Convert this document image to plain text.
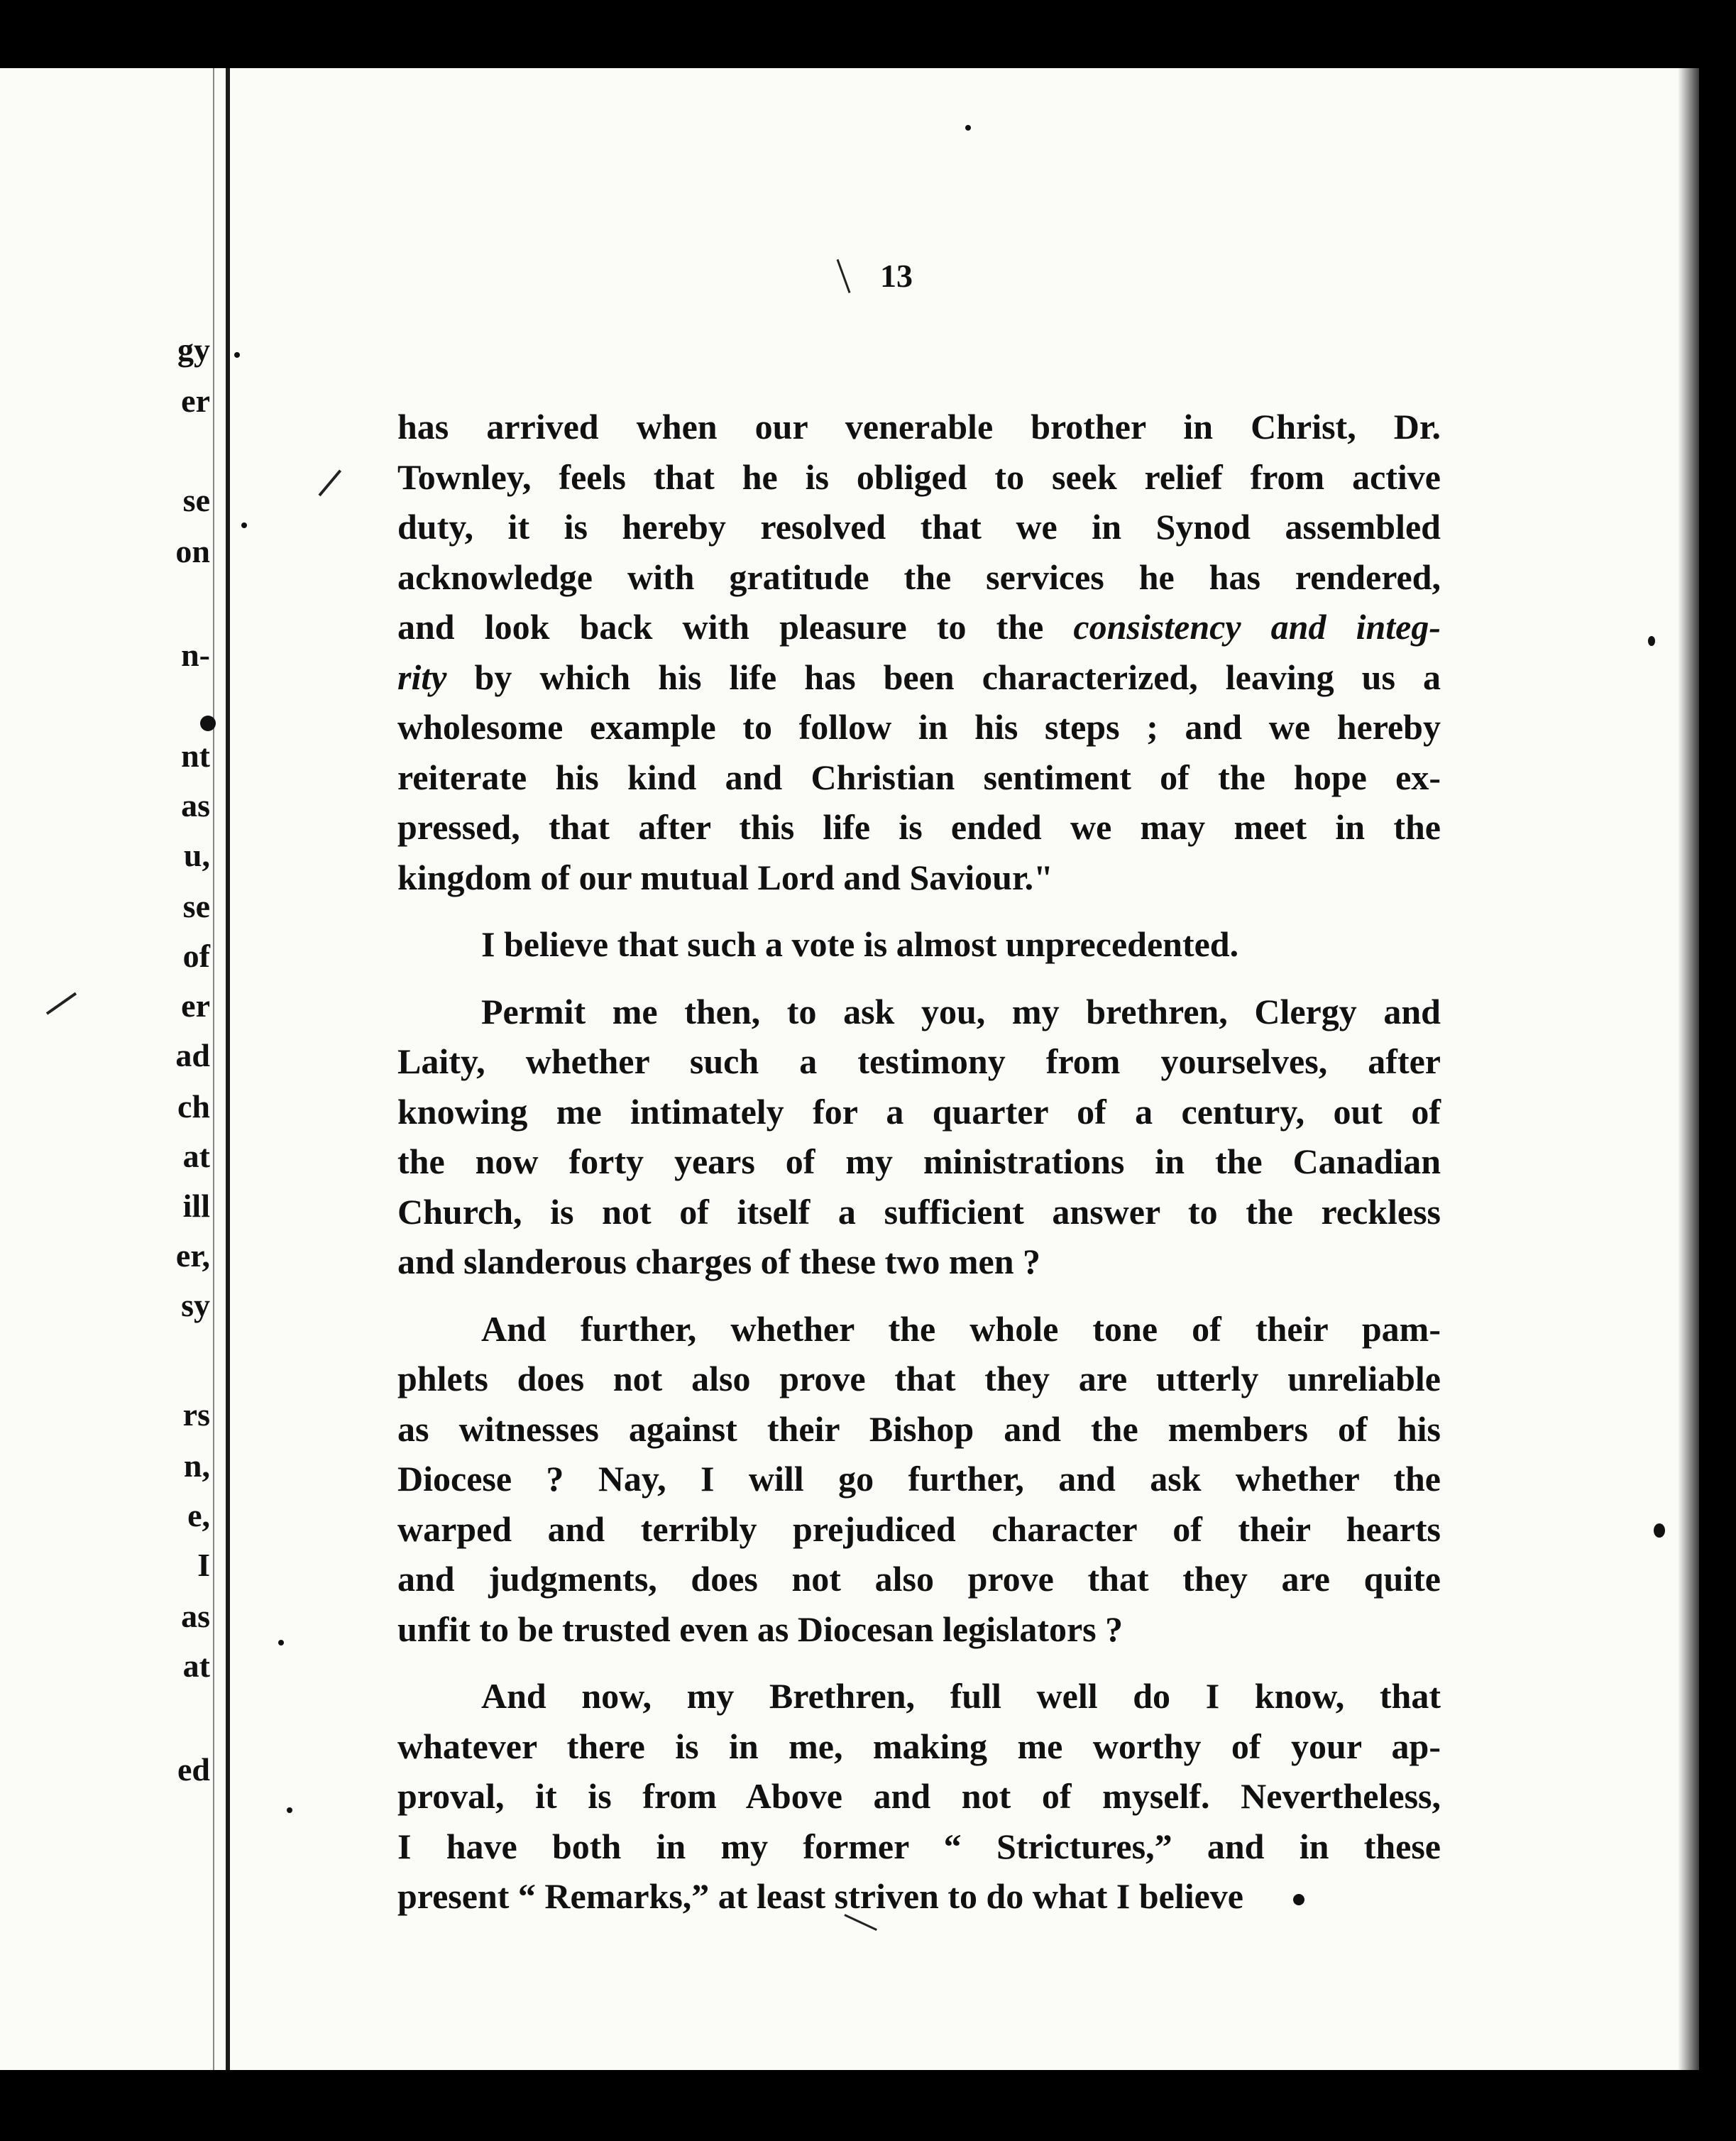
gy
er
se
on
n-
nt
as
u,
se
of
er
ad
ch
at
ill
er,
sy
rs
n,
e,
I
as
at
ed
13
has arrived when our venerable brother in Christ, Dr.
Townley, feels that he is obliged to seek relief from active
duty, it is hereby resolved that we in Synod assembled
acknowledge with gratitude the services he has rendered,
and look back with pleasure to the consistency and integ-
rity by which his life has been characterized, leaving us a
wholesome example to follow in his steps ; and we hereby
reiterate his kind and Christian sentiment of the hope ex-
pressed, that after this life is ended we may meet in the
kingdom of our mutual Lord and Saviour."
I believe that such a vote is almost unprecedented.
Permit me then, to ask you, my brethren, Clergy and
Laity, whether such a testimony from yourselves, after
knowing me intimately for a quarter of a century, out of
the now forty years of my ministrations in the Canadian
Church, is not of itself a sufficient answer to the reckless
and slanderous charges of these two men ?
And further, whether the whole tone of their pam-
phlets does not also prove that they are utterly unreliable
as witnesses against their Bishop and the members of his
Diocese ? Nay, I will go further, and ask whether the
warped and terribly prejudiced character of their hearts
and judgments, does not also prove that they are quite
unfit to be trusted even as Diocesan legislators ?
And now, my Brethren, full well do I know, that
whatever there is in me, making me worthy of your ap-
proval, it is from Above and not of myself. Nevertheless,
I have both in my former “ Strictures,” and in these
present “ Remarks,” at least striven to do what I believe
